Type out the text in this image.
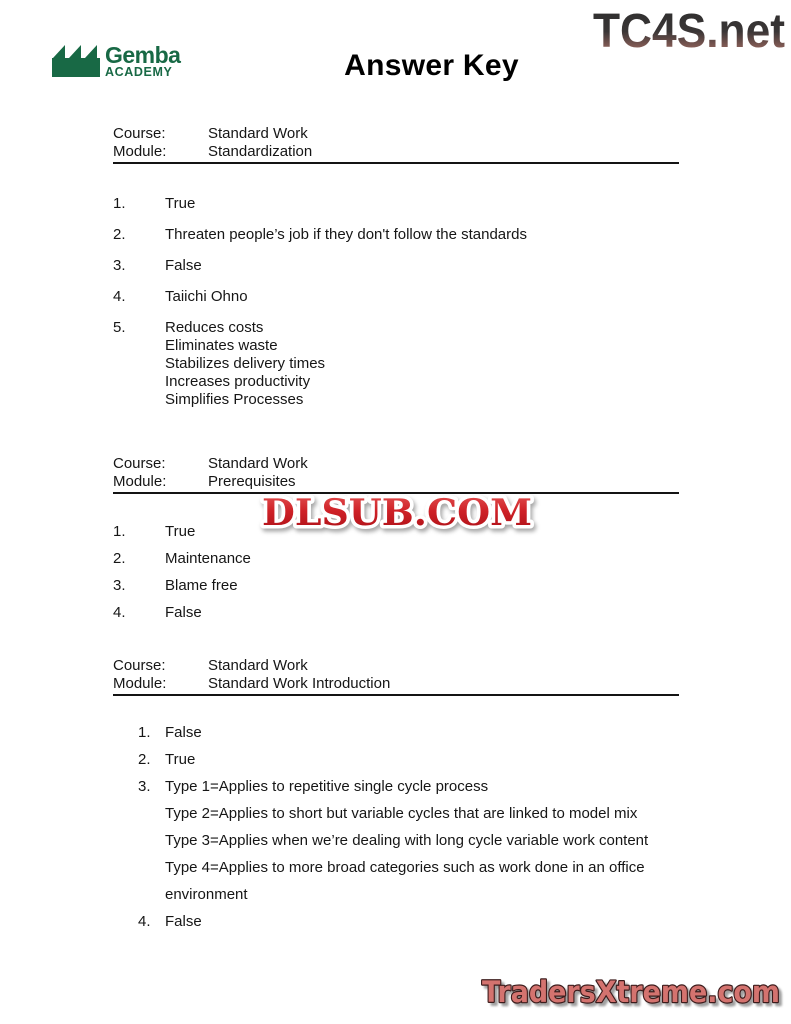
TC4S.net
Gemba
ACADEMY	Answer Key
Course:	Standard Work
Module:	Standardization
1.	True
2.	Threaten people’s job if they don't follow the standards
3.	False
4.	Taiichi Ohno
5.	Reduces costs
Eliminates waste
Stabilizes delivery times
Increases productivity
Simplifies Processes
Course:	Standard Work
Module:	Prerequisites
1.	True
2.	Maintenance
3.	Blame free
4.	False
Course:	Standard Work
Module:	Standard Work Introduction
1. False
2. True
3. Type 1=Applies to repetitive single cycle process
Type 2=Applies to short but variable cycles that are linked to model mix
Type 3=Applies when we’re dealing with long cycle variable work content
Type 4=Applies to more broad categories such as work done in an office
environment
4. False
DLSUB.COM
TradersXtreme.com
